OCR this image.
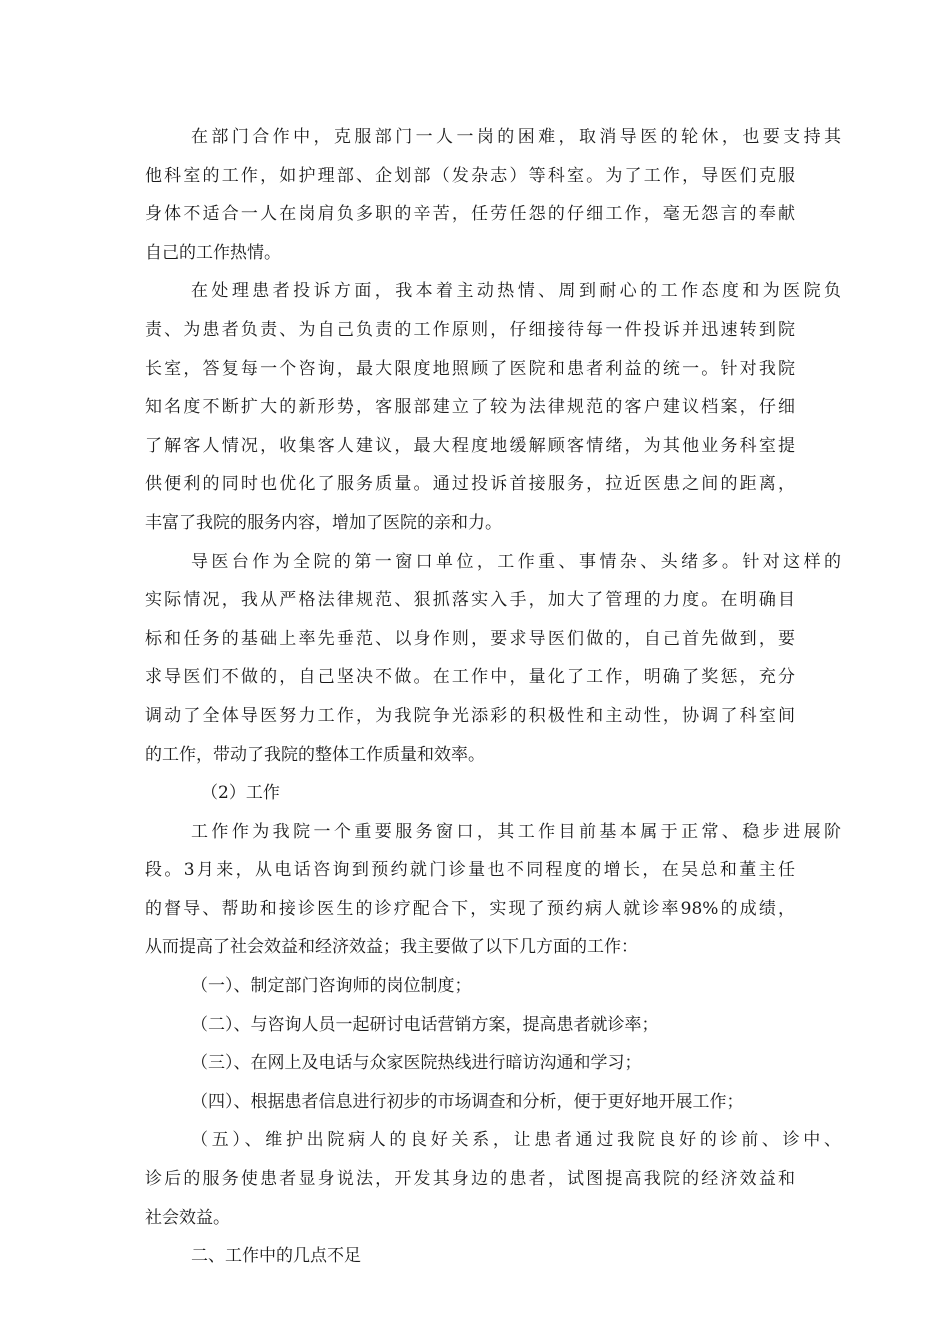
在部门合作中，克服部门一人一岗的困难，取消导医的轮休，也要支持其
他科室的工作，如护理部、企划部（发杂志）等科室。为了工作，导医们克服
身体不适合一人在岗肩负多职的辛苦，任劳任怨的仔细工作，毫无怨言的奉献
自己的工作热情。
在处理患者投诉方面，我本着主动热情、周到耐心的工作态度和为医院负
责、为患者负责、为自己负责的工作原则，仔细接待每一件投诉并迅速转到院
长室，答复每一个咨询，最大限度地照顾了医院和患者利益的统一。针对我院
知名度不断扩大的新形势，客服部建立了较为法律规范的客户建议档案，仔细
了解客人情况，收集客人建议，最大程度地缓解顾客情绪，为其他业务科室提
供便利的同时也优化了服务质量。通过投诉首接服务，拉近医患之间的距离，
丰富了我院的服务内容，增加了医院的亲和力。
导医台作为全院的第一窗口单位，工作重、事情杂、头绪多。针对这样的
实际情况，我从严格法律规范、狠抓落实入手，加大了管理的力度。在明确目
标和任务的基础上率先垂范、以身作则，要求导医们做的，自己首先做到，要
求导医们不做的，自己坚决不做。在工作中，量化了工作，明确了奖惩，充分
调动了全体导医努力工作，为我院争光添彩的积极性和主动性，协调了科室间
的工作，带动了我院的整体工作质量和效率。
（2）工作
工作作为我院一个重要服务窗口，其工作目前基本属于正常、稳步进展阶
段。3月来，从电话咨询到预约就门诊量也不同程度的增长，在吴总和董主任
的督导、帮助和接诊医生的诊疗配合下，实现了预约病人就诊率98%的成绩，
从而提高了社会效益和经济效益；我主要做了以下几方面的工作：
（一）、制定部门咨询师的岗位制度；
（二）、与咨询人员一起研讨电话营销方案，提高患者就诊率；
（三）、在网上及电话与众家医院热线进行暗访沟通和学习；
（四）、根据患者信息进行初步的市场调查和分析，便于更好地开展工作；
（五）、维护出院病人的良好关系，让患者通过我院良好的诊前、诊中、
诊后的服务使患者显身说法，开发其身边的患者，试图提高我院的经济效益和
社会效益。
二、工作中的几点不足
